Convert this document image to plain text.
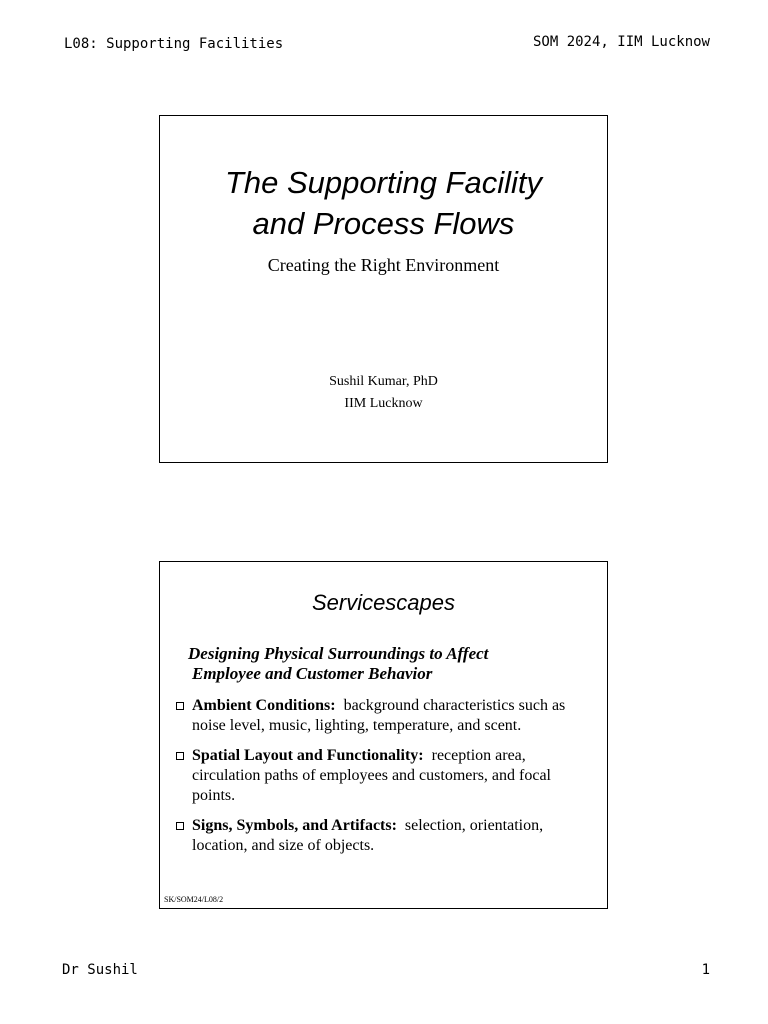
L08: Supporting Facilities	SOM 2024, IIM Lucknow
The Supporting Facility
and Process Flows
Creating the Right Environment
Sushil Kumar, PhD
IIM Lucknow
Servicescapes
Designing Physical Surroundings to Affect
Employee and Customer Behavior
Ambient Conditions: background characteristics such as noise level, music, lighting, temperature, and scent.
Spatial Layout and Functionality: reception area, circulation paths of employees and customers, and focal points.
Signs, Symbols, and Artifacts: selection, orientation, location, and size of objects.
SK/SOM24/L08/2
Dr Sushil	1
